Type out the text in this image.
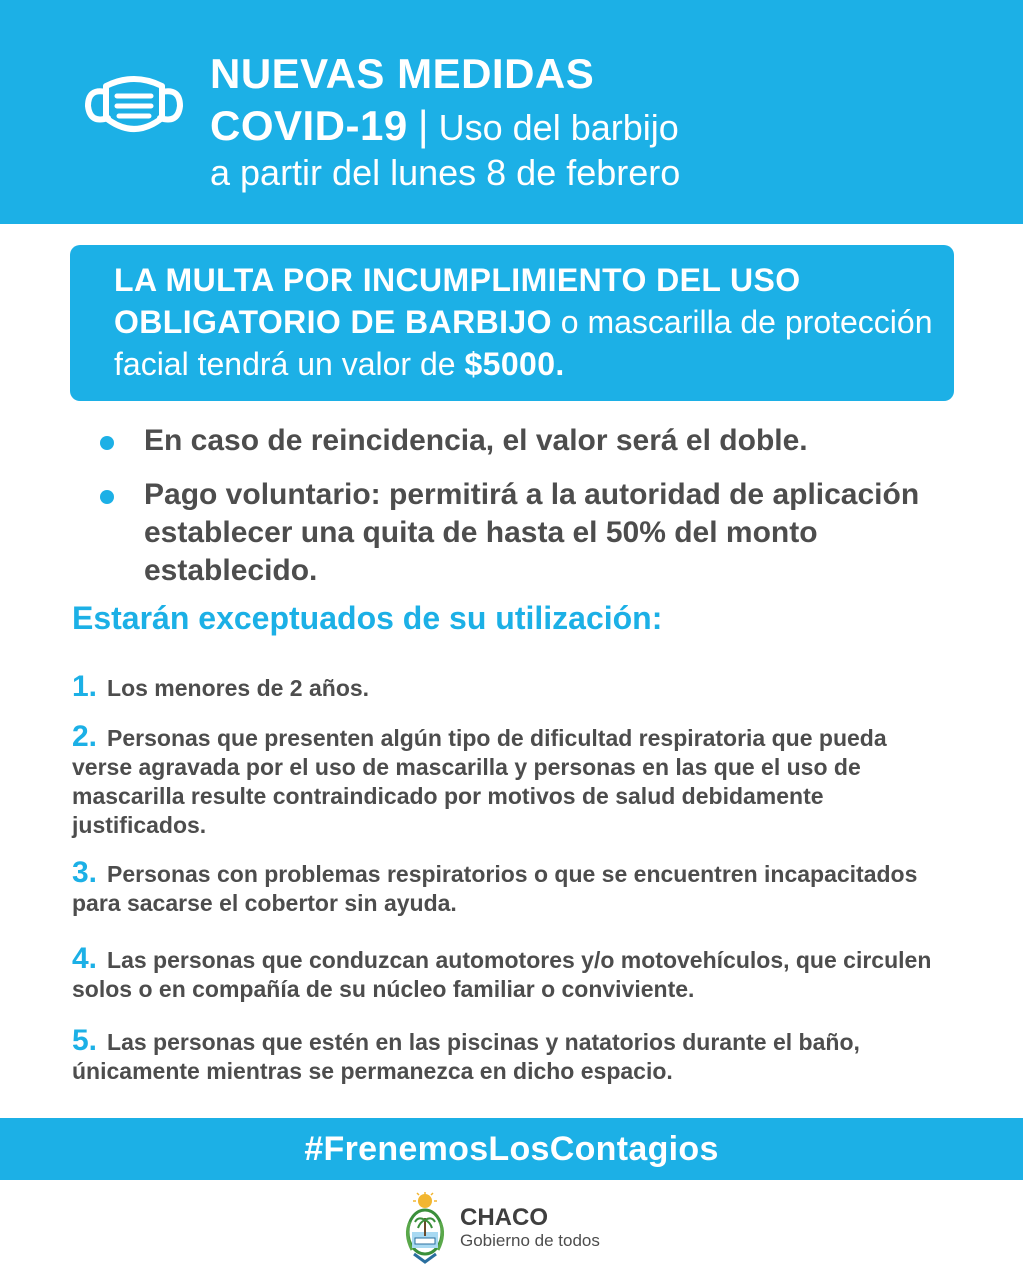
NUEVAS MEDIDAS
COVID-19 | Uso del barbijo
a partir del lunes 8 de febrero
LA MULTA POR INCUMPLIMIENTO DEL USO OBLIGATORIO DE BARBIJO o mascarilla de protección facial tendrá un valor de $5000.
En caso de reincidencia, el valor será el doble.
Pago voluntario: permitirá a la autoridad de aplicación establecer una quita de hasta el 50% del monto establecido.
Estarán exceptuados de su utilización:
1. Los menores de 2 años.
2. Personas que presenten algún tipo de dificultad respiratoria que pueda verse agravada por el uso de mascarilla y personas en las que el uso de mascarilla resulte contraindicado por motivos de salud debidamente justificados.
3. Personas con problemas respiratorios o que se encuentren incapacitados para sacarse el cobertor sin ayuda.
4. Las personas que conduzcan automotores y/o motovehículos, que circulen solos o en compañía de su núcleo familiar o conviviente.
5. Las personas que estén en las piscinas y natatorios durante el baño, únicamente mientras se permanezca en dicho espacio.
#FrenemosLosContagios
CHACO
Gobierno de todos
